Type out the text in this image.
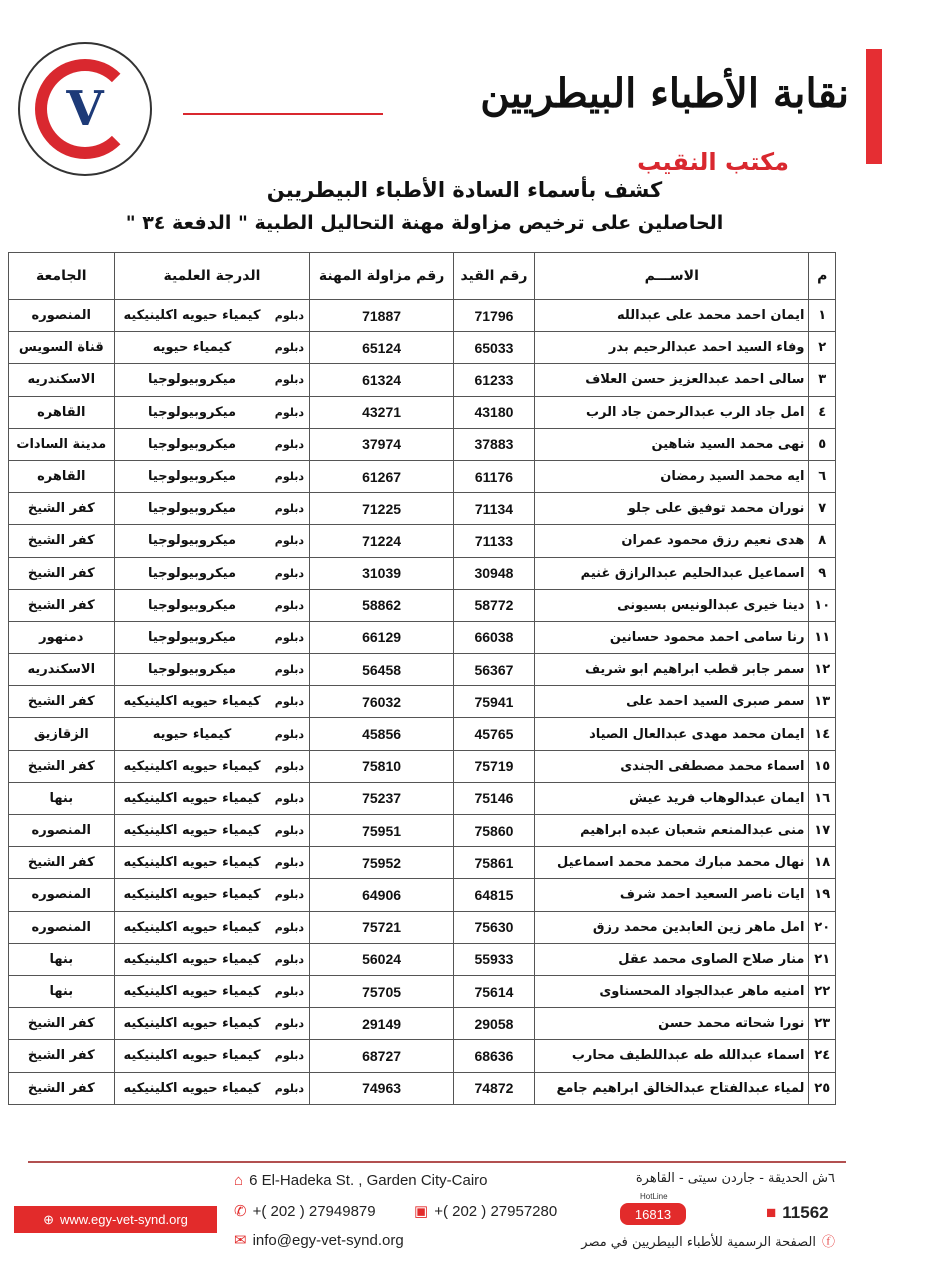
V	نقابة الأطباء البيطريين
مكتب النقيب
كشف بأسماء السادة الأطباء البيطريين
الحاصلين على ترخيص مزاولة مهنة التحاليل الطبية " الدفعة ٣٤ "
م	الاســـم	رقم القيد	رقم مزاولة المهنة	الدرجة العلمية		الجامعة
١	ايمان احمد محمد على عبدالله	71796	71887	دبلوم	كيمياء حيويه اكلينيكيه	المنصوره
٢	وفاء السيد احمد عبدالرحيم بدر	65033	65124	دبلوم	كيمياء حيويه	قناة السويس
٣	سالى احمد عبدالعزيز حسن العلاف	61233	61324	دبلوم	ميكروبيولوجيا	الاسكندريه
٤	امل جاد الرب عبدالرحمن جاد الرب	43180	43271	دبلوم	ميكروبيولوجيا	القاهره
٥	نهى محمد السيد شاهين	37883	37974	دبلوم	ميكروبيولوجيا	مدينة السادات
٦	ايه محمد السيد رمضان	61176	61267	دبلوم	ميكروبيولوجيا	القاهره
٧	نوران محمد توفيق على جلو	71134	71225	دبلوم	ميكروبيولوجيا	كفر الشيخ
٨	هدى نعيم رزق محمود عمران	71133	71224	دبلوم	ميكروبيولوجيا	كفر الشيخ
٩	اسماعيل عبدالحليم عبدالرازق غنيم	30948	31039	دبلوم	ميكروبيولوجيا	كفر الشيخ
١٠	دينا خيرى عبدالونيس بسيونى	58772	58862	دبلوم	ميكروبيولوجيا	كفر الشيخ
١١	رنا سامى احمد محمود حسانين	66038	66129	دبلوم	ميكروبيولوجيا	دمنهور
١٢	سمر جابر قطب ابراهيم ابو شريف	56367	56458	دبلوم	ميكروبيولوجيا	الاسكندريه
١٣	سمر صبرى السيد احمد على	75941	76032	دبلوم	كيمياء حيويه اكلينيكيه	كفر الشيخ
١٤	ايمان محمد مهدى عبدالعال الصياد	45765	45856	دبلوم	كيمياء حيويه	الزقازيق
١٥	اسماء محمد مصطفى الجندى	75719	75810	دبلوم	كيمياء حيويه اكلينيكيه	كفر الشيخ
١٦	ايمان عبدالوهاب فريد عيش	75146	75237	دبلوم	كيمياء حيويه اكلينيكيه	بنها
١٧	منى عبدالمنعم شعبان عبده ابراهيم	75860	75951	دبلوم	كيمياء حيويه اكلينيكيه	المنصوره
١٨	نهال محمد مبارك محمد محمد اسماعيل	75861	75952	دبلوم	كيمياء حيويه اكلينيكيه	كفر الشيخ
١٩	ايات ناصر السعيد احمد شرف	64815	64906	دبلوم	كيمياء حيويه اكلينيكيه	المنصوره
٢٠	امل ماهر زين العابدين محمد رزق	75630	75721	دبلوم	كيمياء حيويه اكلينيكيه	المنصوره
٢١	منار صلاح الصاوى محمد عقل	55933	56024	دبلوم	كيمياء حيويه اكلينيكيه	بنها
٢٢	امنيه ماهر عبدالجواد المحسناوى	75614	75705	دبلوم	كيمياء حيويه اكلينيكيه	بنها
٢٣	نورا شحاته محمد حسن	29058	29149	دبلوم	كيمياء حيويه اكلينيكيه	كفر الشيخ
٢٤	اسماء عبدالله طه عبداللطيف محارب	68636	68727	دبلوم	كيمياء حيويه اكلينيكيه	كفر الشيخ
٢٥	لمياء عبدالفتاح عبدالخالق ابراهيم جامع	74872	74963	دبلوم	كيمياء حيويه اكلينيكيه	كفر الشيخ
⊕ www.egy-vet-synd.org
⌂ 6 El-Hadeka St. , Garden City-Cairo
✆ +( 202 ) 27949879	▣ +( 202 ) 27957280
✉ info@egy-vet-synd.org
٦ش الحديقة - جاردن سيتى - القاهرة
HotLine
16813	■ 11562
ⓕالصفحة الرسمية للأطباء البيطريين في مصر
